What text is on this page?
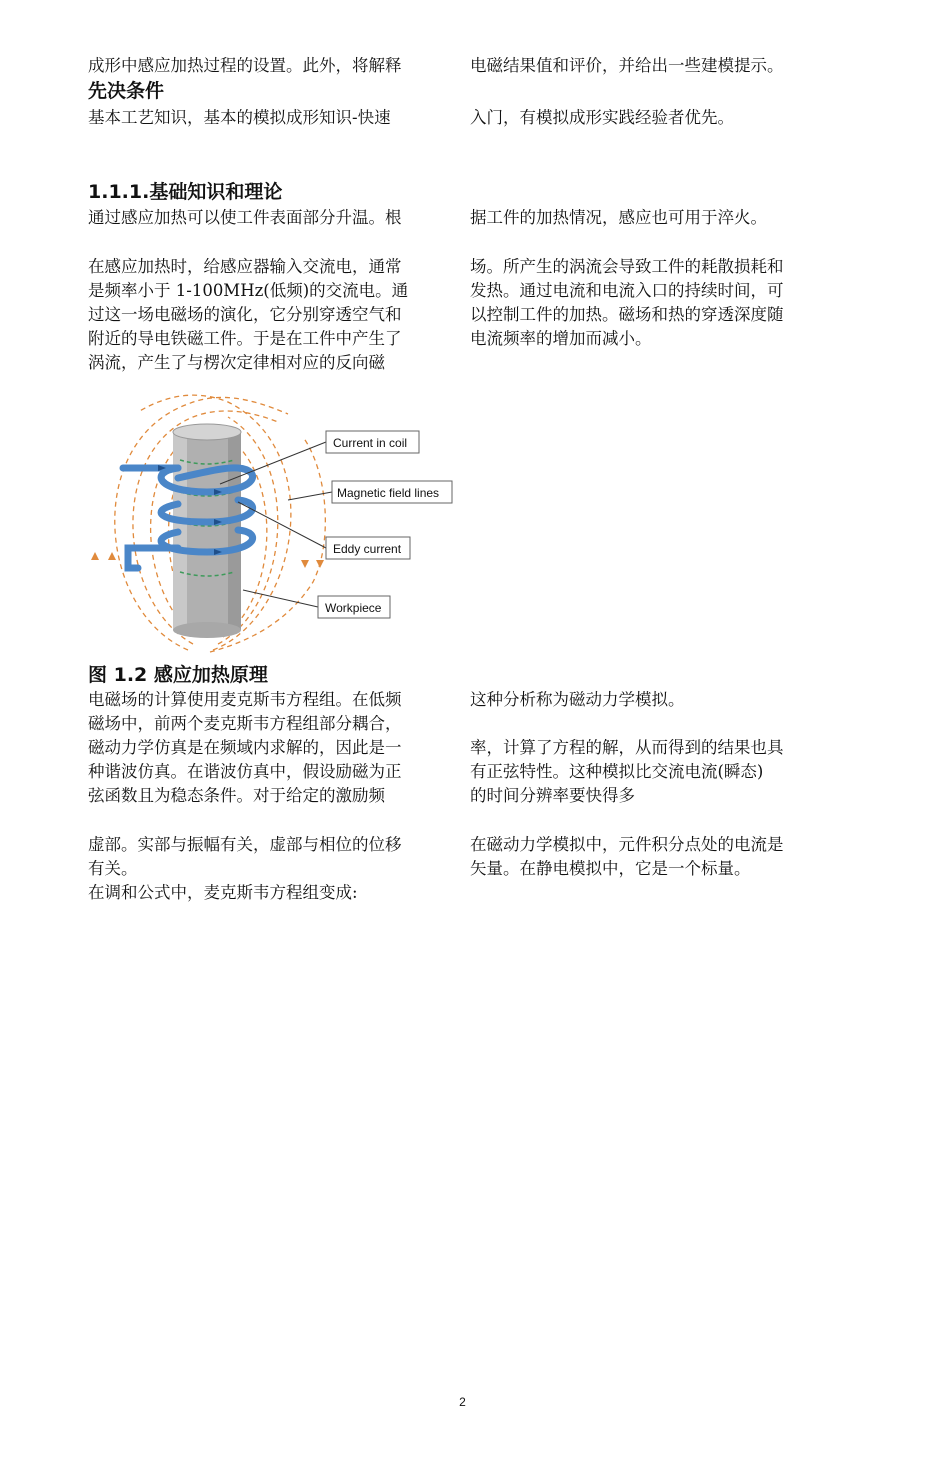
成形中感应加热过程的设置。此外，将解释	电磁结果值和评价，并给出一些建模提示。

先决条件

基本工艺知识，基本的模拟成形知识-快速	入门，有模拟成形实践经验者优先。

1.1.1.基础知识和理论

通过感应加热可以使工件表面部分升温。根	据工件的加热情况，感应也可用于淬火。

在感应加热时，给感应器输入交流电，通常

是频率小于 1-100MHz(低频)的交流电。通

过这一场电磁场的演化，它分别穿透空气和

附近的导电铁磁工件。于是在工件中产生了

涡流，产生了与楞次定律相对应的反向磁

场。所产生的涡流会导致工件的耗散损耗和

发热。通过电流和电流入口的持续时间，可

以控制工件的加热。磁场和热的穿透深度随

电流频率的增加而减小。

Current in coil
Magnetic field lines
Eddy current
Workpiece
图 1.2 感应加热原理

电磁场的计算使用麦克斯韦方程组。在低频

磁场中，前两个麦克斯韦方程组部分耦合，

磁动力学仿真是在频域内求解的，因此是一

种谐波仿真。在谐波仿真中，假设励磁为正

弦函数且为稳态条件。对于给定的激励频

这种分析称为磁动力学模拟。

率，计算了方程的解，从而得到的结果也具

有正弦特性。这种模拟比交流电流(瞬态)

的时间分辨率要快得多

虚部。实部与振幅有关，虚部与相位的位移

有关。

在调和公式中，麦克斯韦方程组变成:

在磁动力学模拟中，元件积分点处的电流是

矢量。在静电模拟中，它是一个标量。

2
